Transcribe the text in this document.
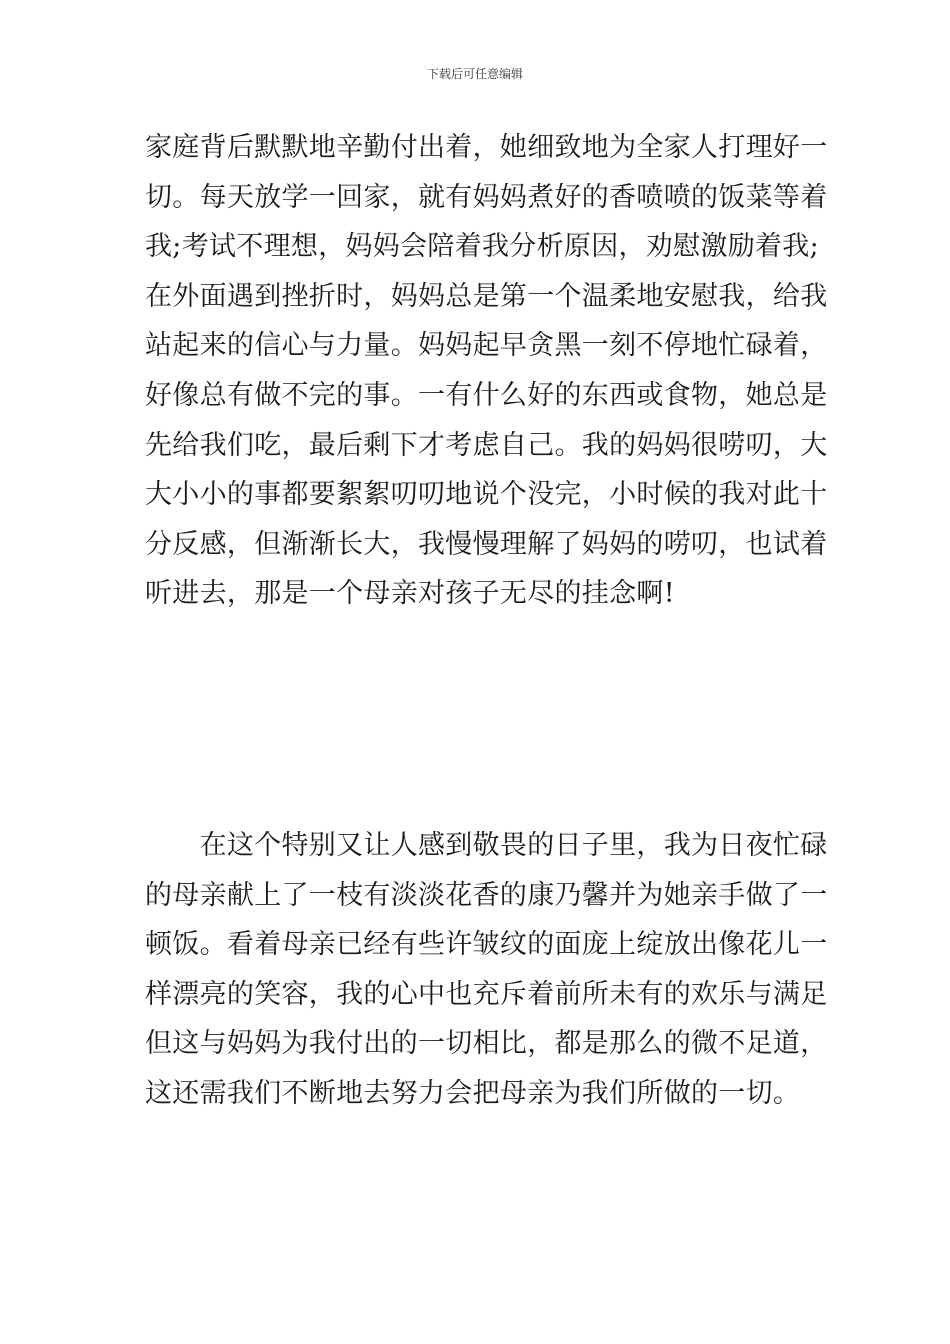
下载后可任意编辑
家庭背后默默地辛勤付出着，她细致地为全家人打理好一
切。每天放学一回家，就有妈妈煮好的香喷喷的饭菜等着
我;考试不理想，妈妈会陪着我分析原因，劝慰激励着我;
在外面遇到挫折时，妈妈总是第一个温柔地安慰我，给我
站起来的信心与力量。妈妈起早贪黑一刻不停地忙碌着，
好像总有做不完的事。一有什么好的东西或食物，她总是
先给我们吃，最后剩下才考虑自己。我的妈妈很唠叨，大
大小小的事都要絮絮叨叨地说个没完，小时候的我对此十
分反感，但渐渐长大，我慢慢理解了妈妈的唠叨，也试着
听进去，那是一个母亲对孩子无尽的挂念啊!
　　在这个特别又让人感到敬畏的日子里，我为日夜忙碌
的母亲献上了一枝有淡淡花香的康乃馨并为她亲手做了一
顿饭。看着母亲已经有些许皱纹的面庞上绽放出像花儿一
样漂亮的笑容，我的心中也充斥着前所未有的欢乐与满足
但这与妈妈为我付出的一切相比，都是那么的微不足道，
这还需我们不断地去努力会把母亲为我们所做的一切。
